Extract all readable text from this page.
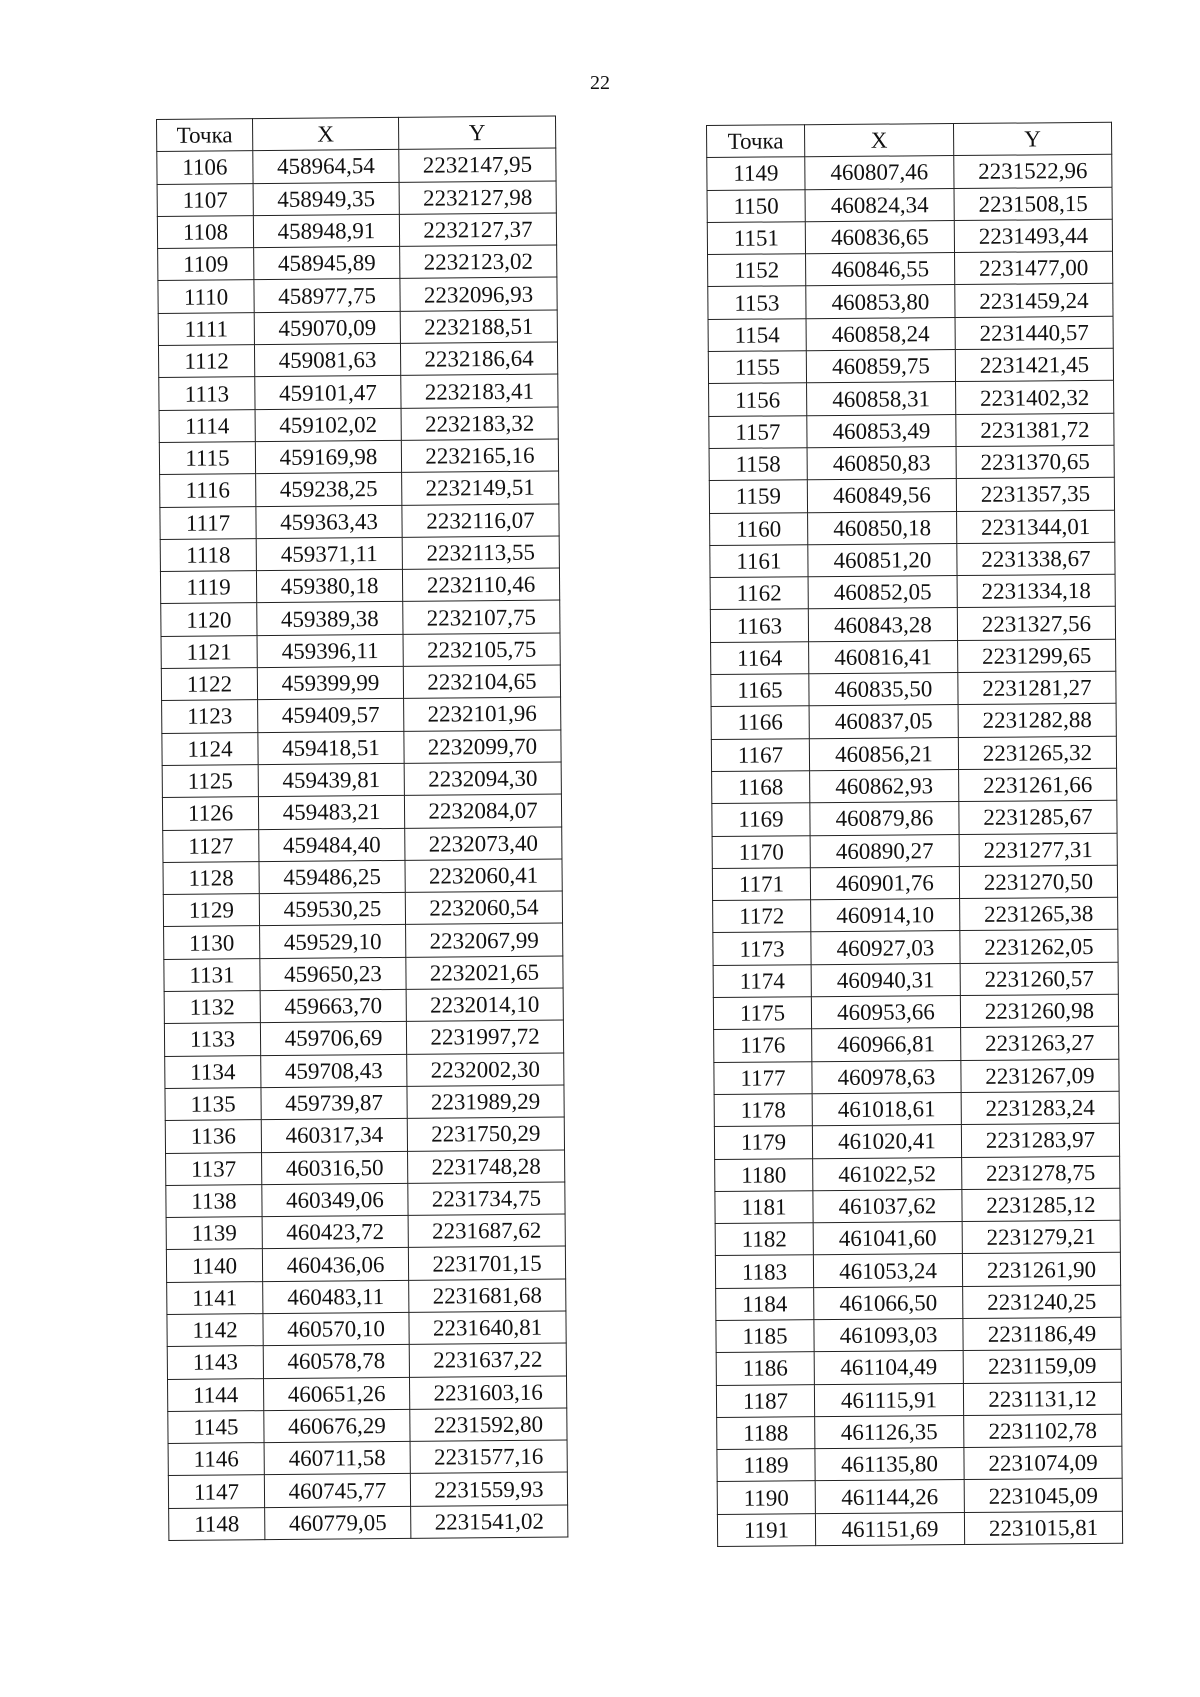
22
Точка	X	Y
1106	458964,54	2232147,95
1107	458949,35	2232127,98
1108	458948,91	2232127,37
1109	458945,89	2232123,02
1110	458977,75	2232096,93
1111	459070,09	2232188,51
1112	459081,63	2232186,64
1113	459101,47	2232183,41
1114	459102,02	2232183,32
1115	459169,98	2232165,16
1116	459238,25	2232149,51
1117	459363,43	2232116,07
1118	459371,11	2232113,55
1119	459380,18	2232110,46
1120	459389,38	2232107,75
1121	459396,11	2232105,75
1122	459399,99	2232104,65
1123	459409,57	2232101,96
1124	459418,51	2232099,70
1125	459439,81	2232094,30
1126	459483,21	2232084,07
1127	459484,40	2232073,40
1128	459486,25	2232060,41
1129	459530,25	2232060,54
1130	459529,10	2232067,99
1131	459650,23	2232021,65
1132	459663,70	2232014,10
1133	459706,69	2231997,72
1134	459708,43	2232002,30
1135	459739,87	2231989,29
1136	460317,34	2231750,29
1137	460316,50	2231748,28
1138	460349,06	2231734,75
1139	460423,72	2231687,62
1140	460436,06	2231701,15
1141	460483,11	2231681,68
1142	460570,10	2231640,81
1143	460578,78	2231637,22
1144	460651,26	2231603,16
1145	460676,29	2231592,80
1146	460711,58	2231577,16
1147	460745,77	2231559,93
1148	460779,05	2231541,02
Точка	X	Y
1149	460807,46	2231522,96
1150	460824,34	2231508,15
1151	460836,65	2231493,44
1152	460846,55	2231477,00
1153	460853,80	2231459,24
1154	460858,24	2231440,57
1155	460859,75	2231421,45
1156	460858,31	2231402,32
1157	460853,49	2231381,72
1158	460850,83	2231370,65
1159	460849,56	2231357,35
1160	460850,18	2231344,01
1161	460851,20	2231338,67
1162	460852,05	2231334,18
1163	460843,28	2231327,56
1164	460816,41	2231299,65
1165	460835,50	2231281,27
1166	460837,05	2231282,88
1167	460856,21	2231265,32
1168	460862,93	2231261,66
1169	460879,86	2231285,67
1170	460890,27	2231277,31
1171	460901,76	2231270,50
1172	460914,10	2231265,38
1173	460927,03	2231262,05
1174	460940,31	2231260,57
1175	460953,66	2231260,98
1176	460966,81	2231263,27
1177	460978,63	2231267,09
1178	461018,61	2231283,24
1179	461020,41	2231283,97
1180	461022,52	2231278,75
1181	461037,62	2231285,12
1182	461041,60	2231279,21
1183	461053,24	2231261,90
1184	461066,50	2231240,25
1185	461093,03	2231186,49
1186	461104,49	2231159,09
1187	461115,91	2231131,12
1188	461126,35	2231102,78
1189	461135,80	2231074,09
1190	461144,26	2231045,09
1191	461151,69	2231015,81
